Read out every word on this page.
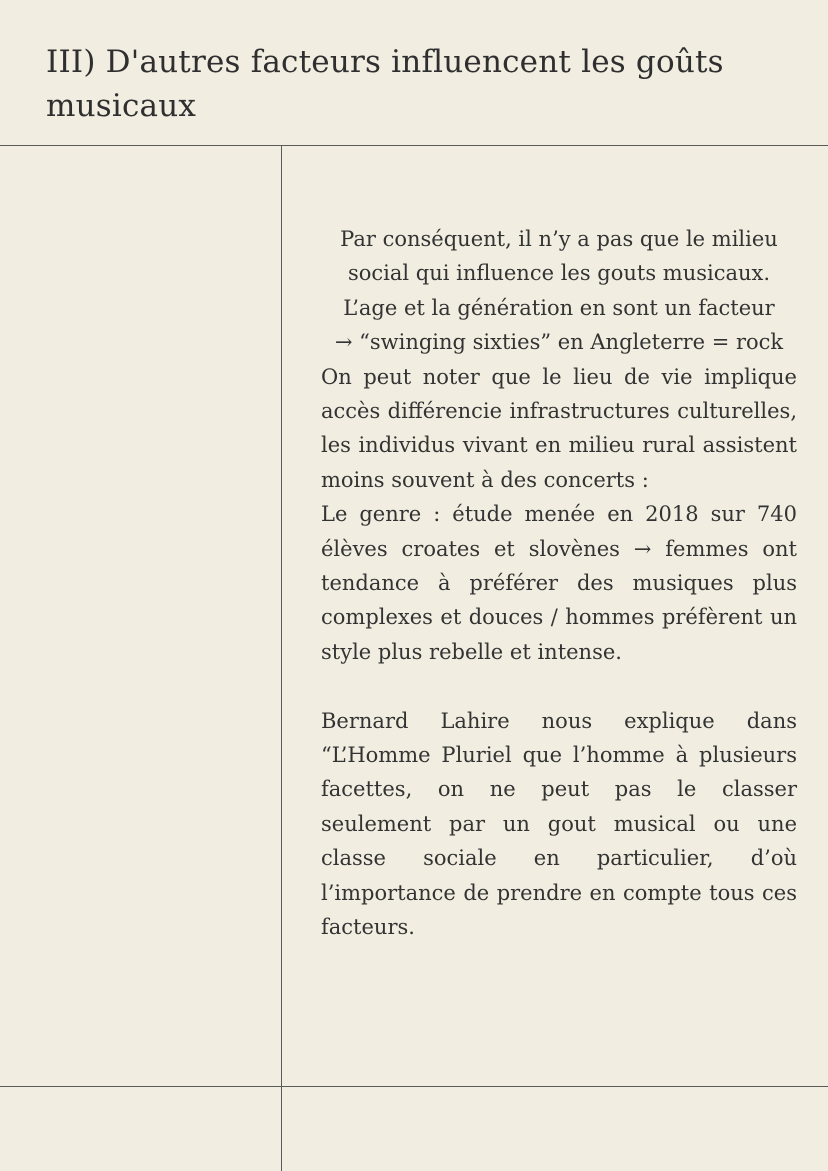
III) D'autres facteurs influencent les goûts musicaux
Par conséquent, il n’y a pas que le milieu
social qui influence les gouts musicaux.
L’age et la génération en sont un facteur
→ “swinging sixties” en Angleterre = rock

On peut noter que le lieu de vie implique accès différencie infrastructures culturelles, les individus vivant en milieu rural assistent moins souvent à des concerts :

Le genre : étude menée en 2018 sur 740 élèves croates et slovènes → femmes ont tendance à préférer des musiques plus complexes et douces / hommes préfèrent un style plus rebelle et intense.

Bernard Lahire nous explique dans “L’Homme Pluriel que l’homme à plusieurs facettes, on ne peut pas le classer seulement par un gout musical ou une classe sociale en particulier, d’où l’importance de prendre en compte tous ces facteurs.
